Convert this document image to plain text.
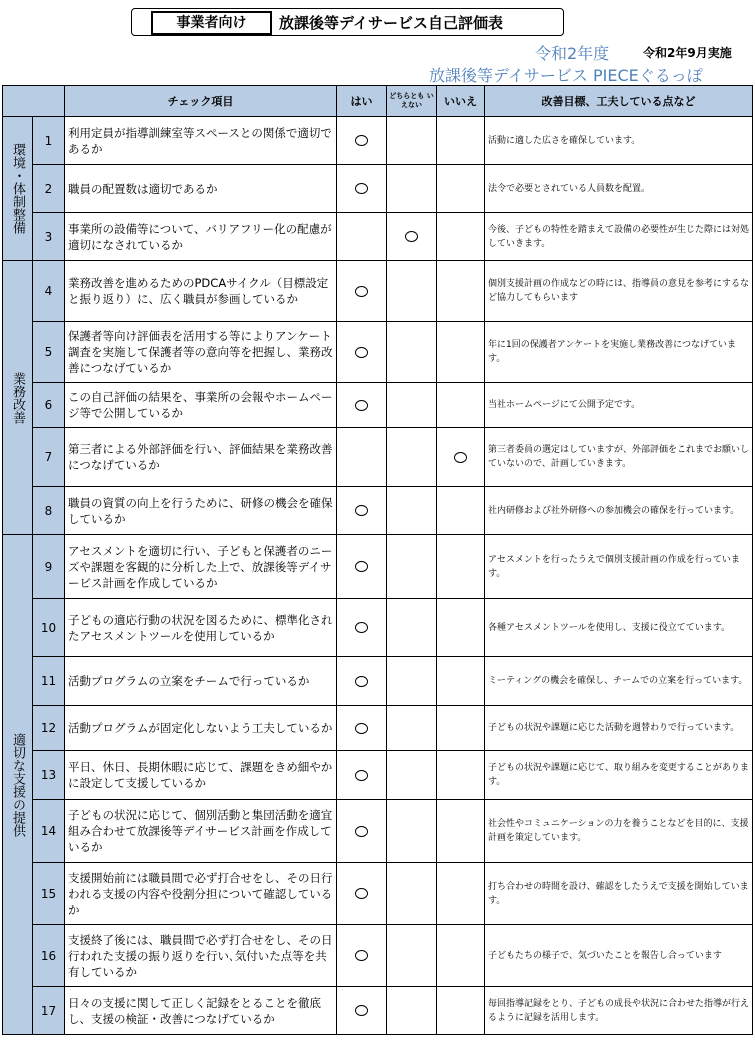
事業者向け	放課後等デイサービス自己評価表
令和2年度	令和2年9月実施
放課後等デイサービス PIECEぐるっぽ
		チェック項目	はい	どちらとも いえない	いいえ	改善目標、工夫している点など
環境・体制整備	1	利用定員が指導訓練室等スペースとの関係で適切であるか				活動に適した広さを確保しています。
	2	職員の配置数は適切であるか				法令で必要とされている人員数を配置。
	3	事業所の設備等について、バリアフリー化の配慮が適切になされているか				今後、子どもの特性を踏まえて設備の必要性が生じた際には対処していきます。
業務改善	4	業務改善を進めるためのPDCAサイクル（目標設定と振り返り）に、広く職員が参画しているか				個別支援計画の作成などの時には、指導員の意見を参考にするなど協力してもらいます
	5	保護者等向け評価表を活用する等によりアンケート調査を実施して保護者等の意向等を把握し、業務改善につなげているか				年に1回の保護者アンケートを実施し業務改善につなげています。
	6	この自己評価の結果を、事業所の会報やホームページ等で公開しているか				当社ホームページにて公開予定です。
	7	第三者による外部評価を行い、評価結果を業務改善につなげているか				第三者委員の選定はしていますが、外部評価をこれまでお願いしていないので、計画していきます。
	8	職員の資質の向上を行うために、研修の機会を確保しているか				社内研修および社外研修への参加機会の確保を行っています。
適切な支援の提供	9	アセスメントを適切に行い、子どもと保護者のニーズや課題を客観的に分析した上で、放課後等デイサービス計画を作成しているか				アセスメントを行ったうえで個別支援計画の作成を行っています。
	10	子どもの適応行動の状況を図るために、標準化されたアセスメントツールを使用しているか				各種アセスメントツールを使用し、支援に役立てています。
	11	活動プログラムの立案をチームで行っているか				ミーティングの機会を確保し、チームでの立案を行っています。
	12	活動プログラムが固定化しないよう工夫しているか				子どもの状況や課題に応じた活動を週替わりで行っています。
	13	平日、休日、長期休暇に応じて、課題をきめ細やかに設定して支援しているか				子どもの状況や課題に応じて、取り組みを変更することがあります。
	14	子どもの状況に応じて、個別活動と集団活動を適宜組み合わせて放課後等デイサービス計画を作成しているか				社会性やコミュニケーションの力を養うことなどを目的に、支援計画を策定しています。
	15	支援開始前には職員間で必ず打合せをし、その日行われる支援の内容や役割分担について確認しているか				打ち合わせの時間を設け、確認をしたうえで支援を開始しています。
	16	支援終了後には、職員間で必ず打合せをし、その日行われた支援の振り返りを行い､気付いた点等を共有しているか				子どもたちの様子で、気づいたことを報告し合っています
	17	日々の支援に関して正しく記録をとることを徹底し、支援の検証・改善につなげているか				毎回指導記録をとり、子どもの成長や状況に合わせた指導が行えるように記録を活用します。
